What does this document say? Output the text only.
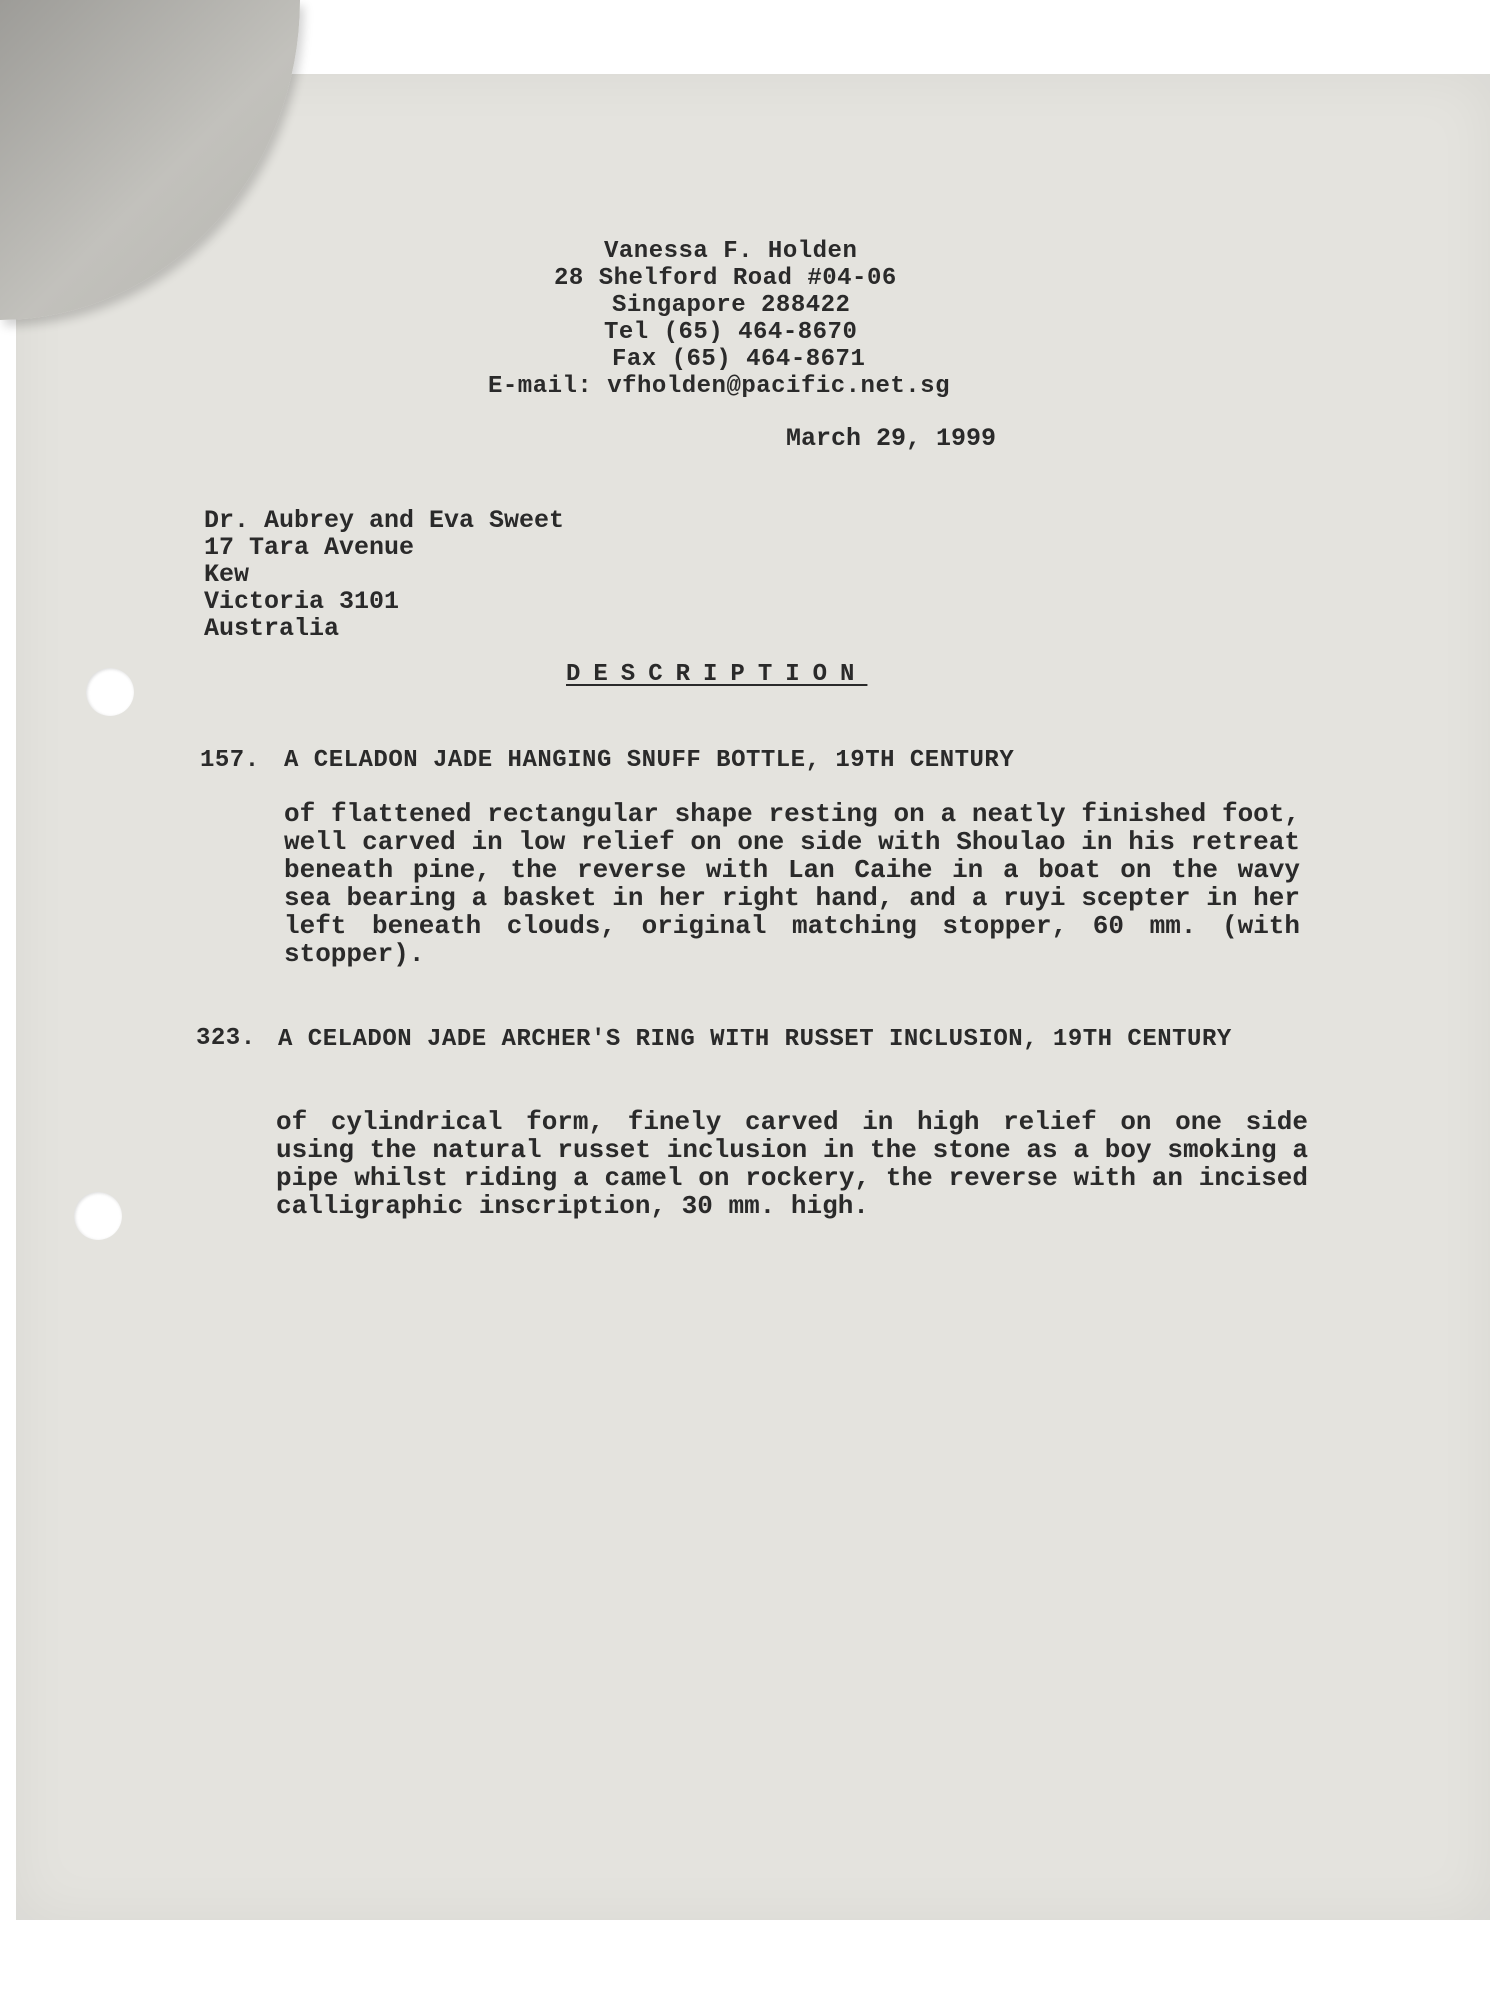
Vanessa F. Holden
28 Shelford Road #04-06
Singapore 288422
Tel (65) 464-8670
Fax (65) 464-8671
E-mail: vfholden@pacific.net.sg
March 29, 1999
Dr. Aubrey and Eva Sweet
17 Tara Avenue
Kew
Victoria 3101
Australia
DESCRIPTION
157. A CELADON JADE HANGING SNUFF BOTTLE, 19TH CENTURY
of flattened rectangular shape resting on a neatly finished foot, well carved in low relief on one side with Shoulao in his retreat beneath pine, the reverse with Lan Caihe in a boat on the wavy sea bearing a basket in her right hand, and a ruyi scepter in her left beneath clouds, original matching stopper, 60 mm. (with stopper).
323. A CELADON JADE ARCHER'S RING WITH RUSSET INCLUSION, 19TH CENTURY
of cylindrical form, finely carved in high relief on one side using the natural russet inclusion in the stone as a boy smoking a pipe whilst riding a camel on rockery, the reverse with an incised calligraphic inscription, 30 mm. high.
